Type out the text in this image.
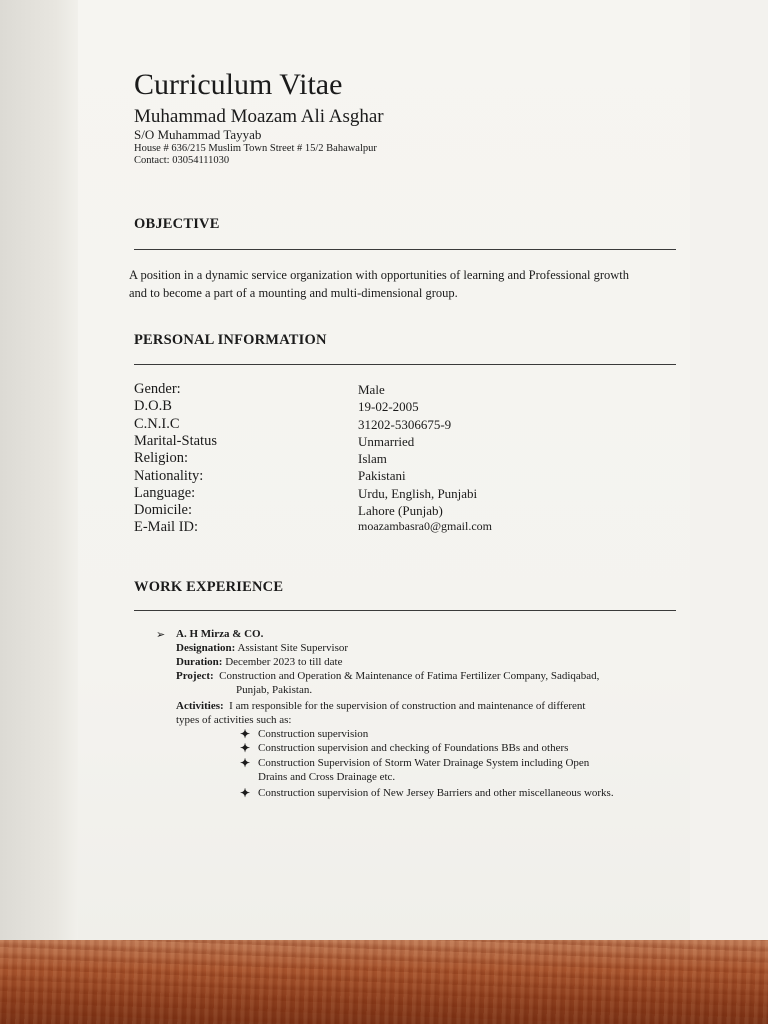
Curriculum Vitae
Muhammad Moazam Ali Asghar
S/O Muhammad Tayyab
House # 636/215 Muslim Town Street # 15/2 Bahawalpur
Contact: 03054111030
OBJECTIVE
A position in a dynamic service organization with opportunities of learning and Professional growth
and to become a part of a mounting and multi-dimensional group.
PERSONAL INFORMATION
Gender:	Male
D.O.B	19-02-2005
C.N.I.C	31202-5306675-9
Marital-Status	Unmarried
Religion:	Islam
Nationality:	Pakistani
Language:	Urdu, English, Punjabi
Domicile:	Lahore (Punjab)
E-Mail ID:	moazambasra0@gmail.com
WORK EXPERIENCE
➢ A. H Mirza & CO.
Designation: Assistant Site Supervisor
Duration: December 2023 to till date
Project: Construction and Operation & Maintenance of Fatima Fertilizer Company, Sadiqabad,
Punjab, Pakistan.
Activities: I am responsible for the supervision of construction and maintenance of different
types of activities such as:
✦ Construction supervision
✦ Construction supervision and checking of Foundations BBs and others
✦ Construction Supervision of Storm Water Drainage System including Open
Drains and Cross Drainage etc.
✦ Construction supervision of New Jersey Barriers and other miscellaneous works.
